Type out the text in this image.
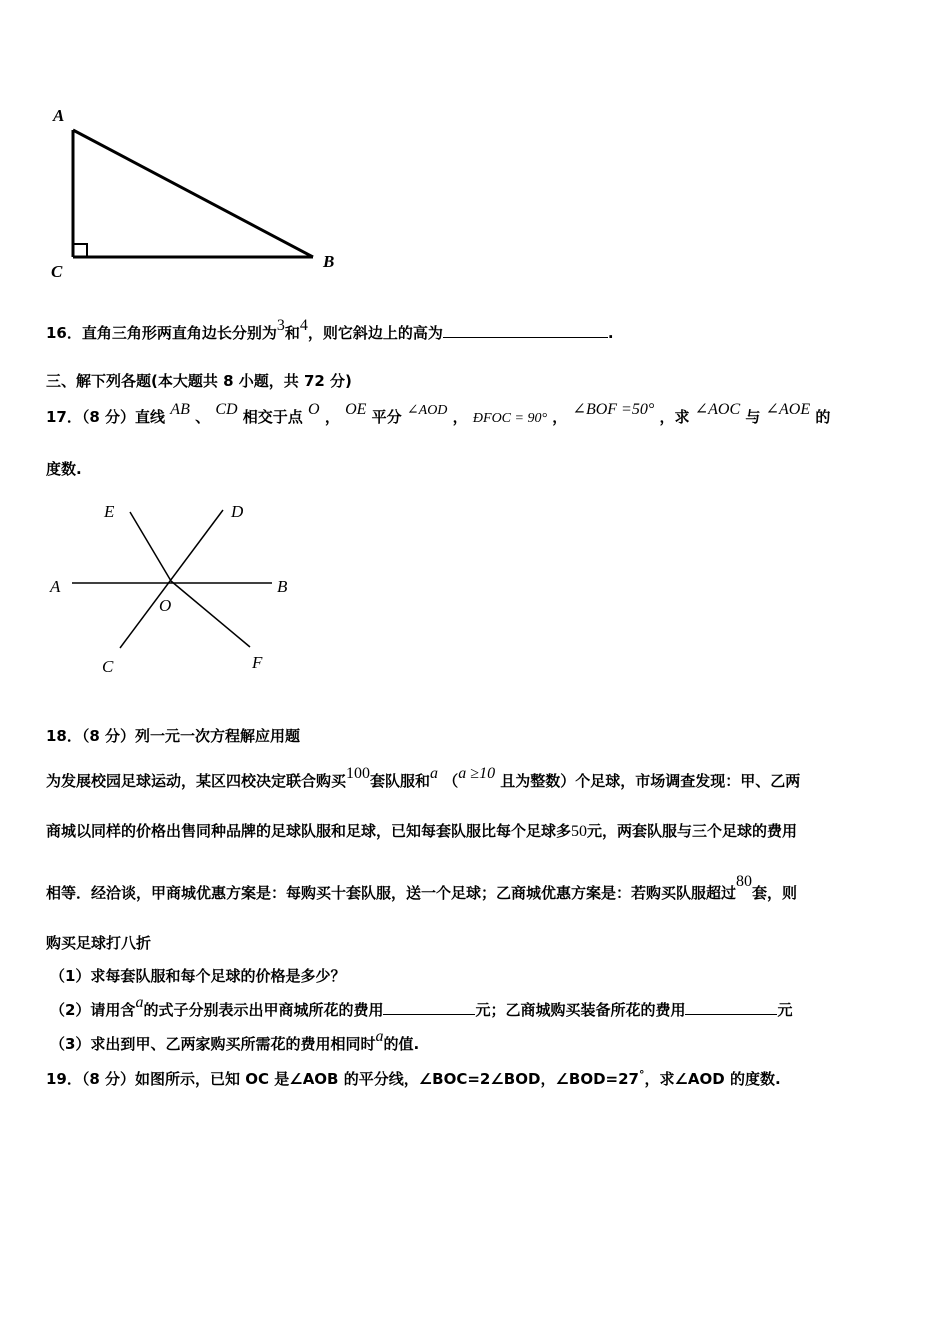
A
C
B
16．直角三角形两直角边长分别为3和4，则它斜边上的高为	.
三、解下列各题(本大题共 8 小题，共 72 分)
17．（8 分）直线 AB 、 CD 相交于点 O ， OE 平分 ∠AOD ， ÐFOC = 90° ， ∠BOF =50° ，求 ∠AOC 与 ∠AOE 的
度数.
E	D
A	B
O
C	F
18．（8 分）列一元一次方程解应用题
为发展校园足球运动，某区四校决定联合购买100套队服和a （a ≥10 且为整数）个足球，市场调查发现：甲、乙两
商城以同样的价格出售同种品牌的足球队服和足球，已知每套队服比每个足球多50元，两套队服与三个足球的费用
相等．经洽谈，甲商城优惠方案是：每购买十套队服，送一个足球；乙商城优惠方案是：若购买队服超过80套，则
购买足球打八折
（1）求每套队服和每个足球的价格是多少？
（2）请用含a的式子分别表示出甲商城所花的费用	元；乙商城购买装备所花的费用	元
（3）求出到甲、乙两家购买所需花的费用相同时a的值.
19．（8 分）如图所示，已知 OC 是∠AOB 的平分线，∠BOC=2∠BOD，∠BOD=27°，求∠AOD 的度数.
